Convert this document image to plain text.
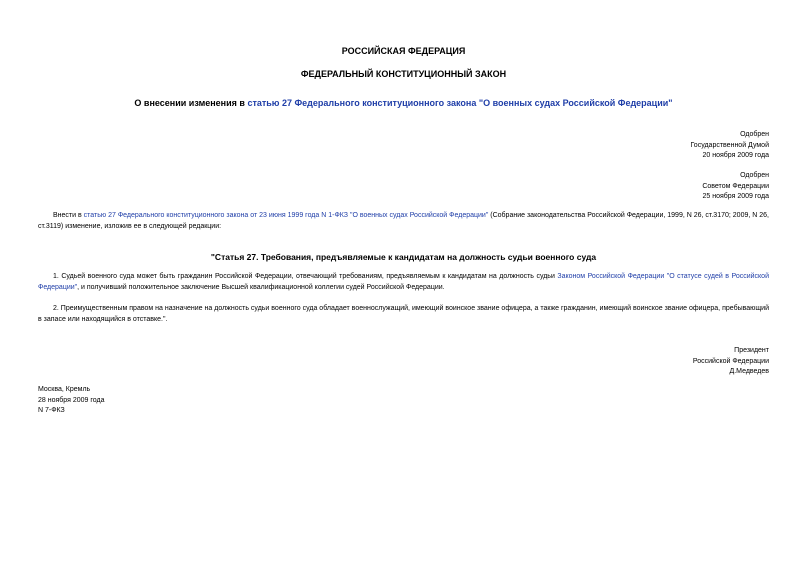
РОССИЙСКАЯ ФЕДЕРАЦИЯ
ФЕДЕРАЛЬНЫЙ КОНСТИТУЦИОННЫЙ ЗАКОН
О внесении изменения в статью 27 Федерального конституционного закона "О военных судах Российской Федерации"
Одобрен
Государственной Думой
20 ноября 2009 года
Одобрен
Советом Федерации
25 ноября 2009 года
Внести в статью 27 Федерального конституционного закона от 23 июня 1999 года N 1-ФКЗ "О военных судах Российской Федерации" (Собрание законодательства Российской Федерации, 1999, N 26, ст.3170; 2009, N 26, ст.3119) изменение, изложив ее в следующей редакции:
"Статья 27. Требования, предъявляемые к кандидатам на должность судьи военного суда
1. Судьей военного суда может быть гражданин Российской Федерации, отвечающий требованиям, предъявляемым к кандидатам на должность судьи Законом Российской Федерации "О статусе судей в Российской Федерации", и получивший положительное заключение Высшей квалификационной коллегии судей Российской Федерации.
2. Преимущественным правом на назначение на должность судьи военного суда обладает военнослужащий, имеющий воинское звание офицера, а также гражданин, имеющий воинское звание офицера, пребывающий в запасе или находящийся в отставке.".
Президент
Российской Федерации
Д.Медведев
Москва, Кремль
28 ноября 2009 года
N 7-ФКЗ
